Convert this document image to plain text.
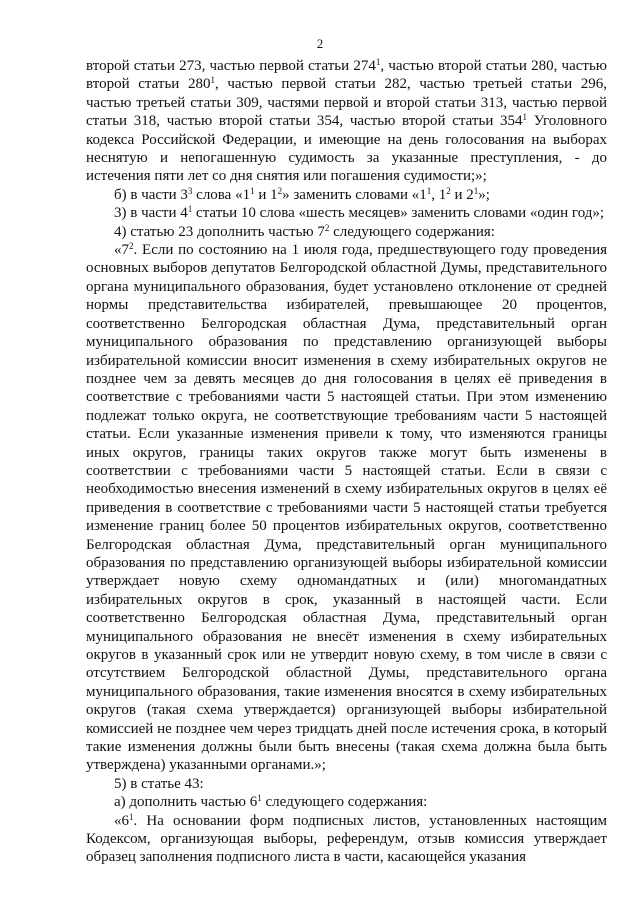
2

второй статьи 273, частью первой статьи $274^1$, частью второй статьи 280, частью второй статьи $280^1$, частью первой статьи 282, частью третьей статьи 296, частью третьей статьи 309, частями первой и второй статьи 313, частью первой статьи 318, частью второй статьи 354, частью второй статьи $354^1$ Уголовного кодекса Российской Федерации, и имеющие на день голосования на выборах неснятую и непогашенную судимость за указанные преступления, - до истечения пяти лет со дня снятия или погашения судимости;»;

б) в части $3^3$ слова «$1^1$ и $1^2$» заменить словами «$1^1$, $1^2$ и $2^1$»;

3) в части $4^1$ статьи 10 слова «шесть месяцев» заменить словами «один год»;

4) статью 23 дополнить частью $7^2$ следующего содержания:

«$7^2$. Если по состоянию на 1 июля года, предшествующего году проведения основных выборов депутатов Белгородской областной Думы, представительного органа муниципального образования, будет установлено отклонение от средней нормы представительства избирателей, превышающее 20 процентов, соответственно Белгородская областная Дума, представительный орган муниципального образования по представлению организующей выборы избирательной комиссии вносит изменения в схему избирательных округов не позднее чем за девять месяцев до дня голосования в целях её приведения в соответствие с требованиями части 5 настоящей статьи. При этом изменению подлежат только округа, не соответствующие требованиям части 5 настоящей статьи. Если указанные изменения привели к тому, что изменяются границы иных округов, границы таких округов также могут быть изменены в соответствии с требованиями части 5 настоящей статьи. Если в связи с необходимостью внесения изменений в схему избирательных округов в целях её приведения в соответствие с требованиями части 5 настоящей статьи требуется изменение границ более 50 процентов избирательных округов, соответственно Белгородская областная Дума, представительный орган муниципального образования по представлению организующей выборы избирательной комиссии утверждает новую схему одномандатных и (или) многомандатных избирательных округов в срок, указанный в настоящей части. Если соответственно Белгородская областная Дума, представительный орган муниципального образования не внесёт изменения в схему избирательных округов в указанный срок или не утвердит новую схему, в том числе в связи с отсутствием Белгородской областной Думы, представительного органа муниципального образования, такие изменения вносятся в схему избирательных округов (такая схема утверждается) организующей выборы избирательной комиссией не позднее чем через тридцать дней после истечения срока, в который такие изменения должны были быть внесены (такая схема должна была быть утверждена) указанными органами.»;

5) в статье 43:

а) дополнить частью $6^1$ следующего содержания:

«$6^1$. На основании форм подписных листов, установленных настоящим Кодексом, организующая выборы, референдум, отзыв комиссия утверждает образец заполнения подписного листа в части, касающейся указания
